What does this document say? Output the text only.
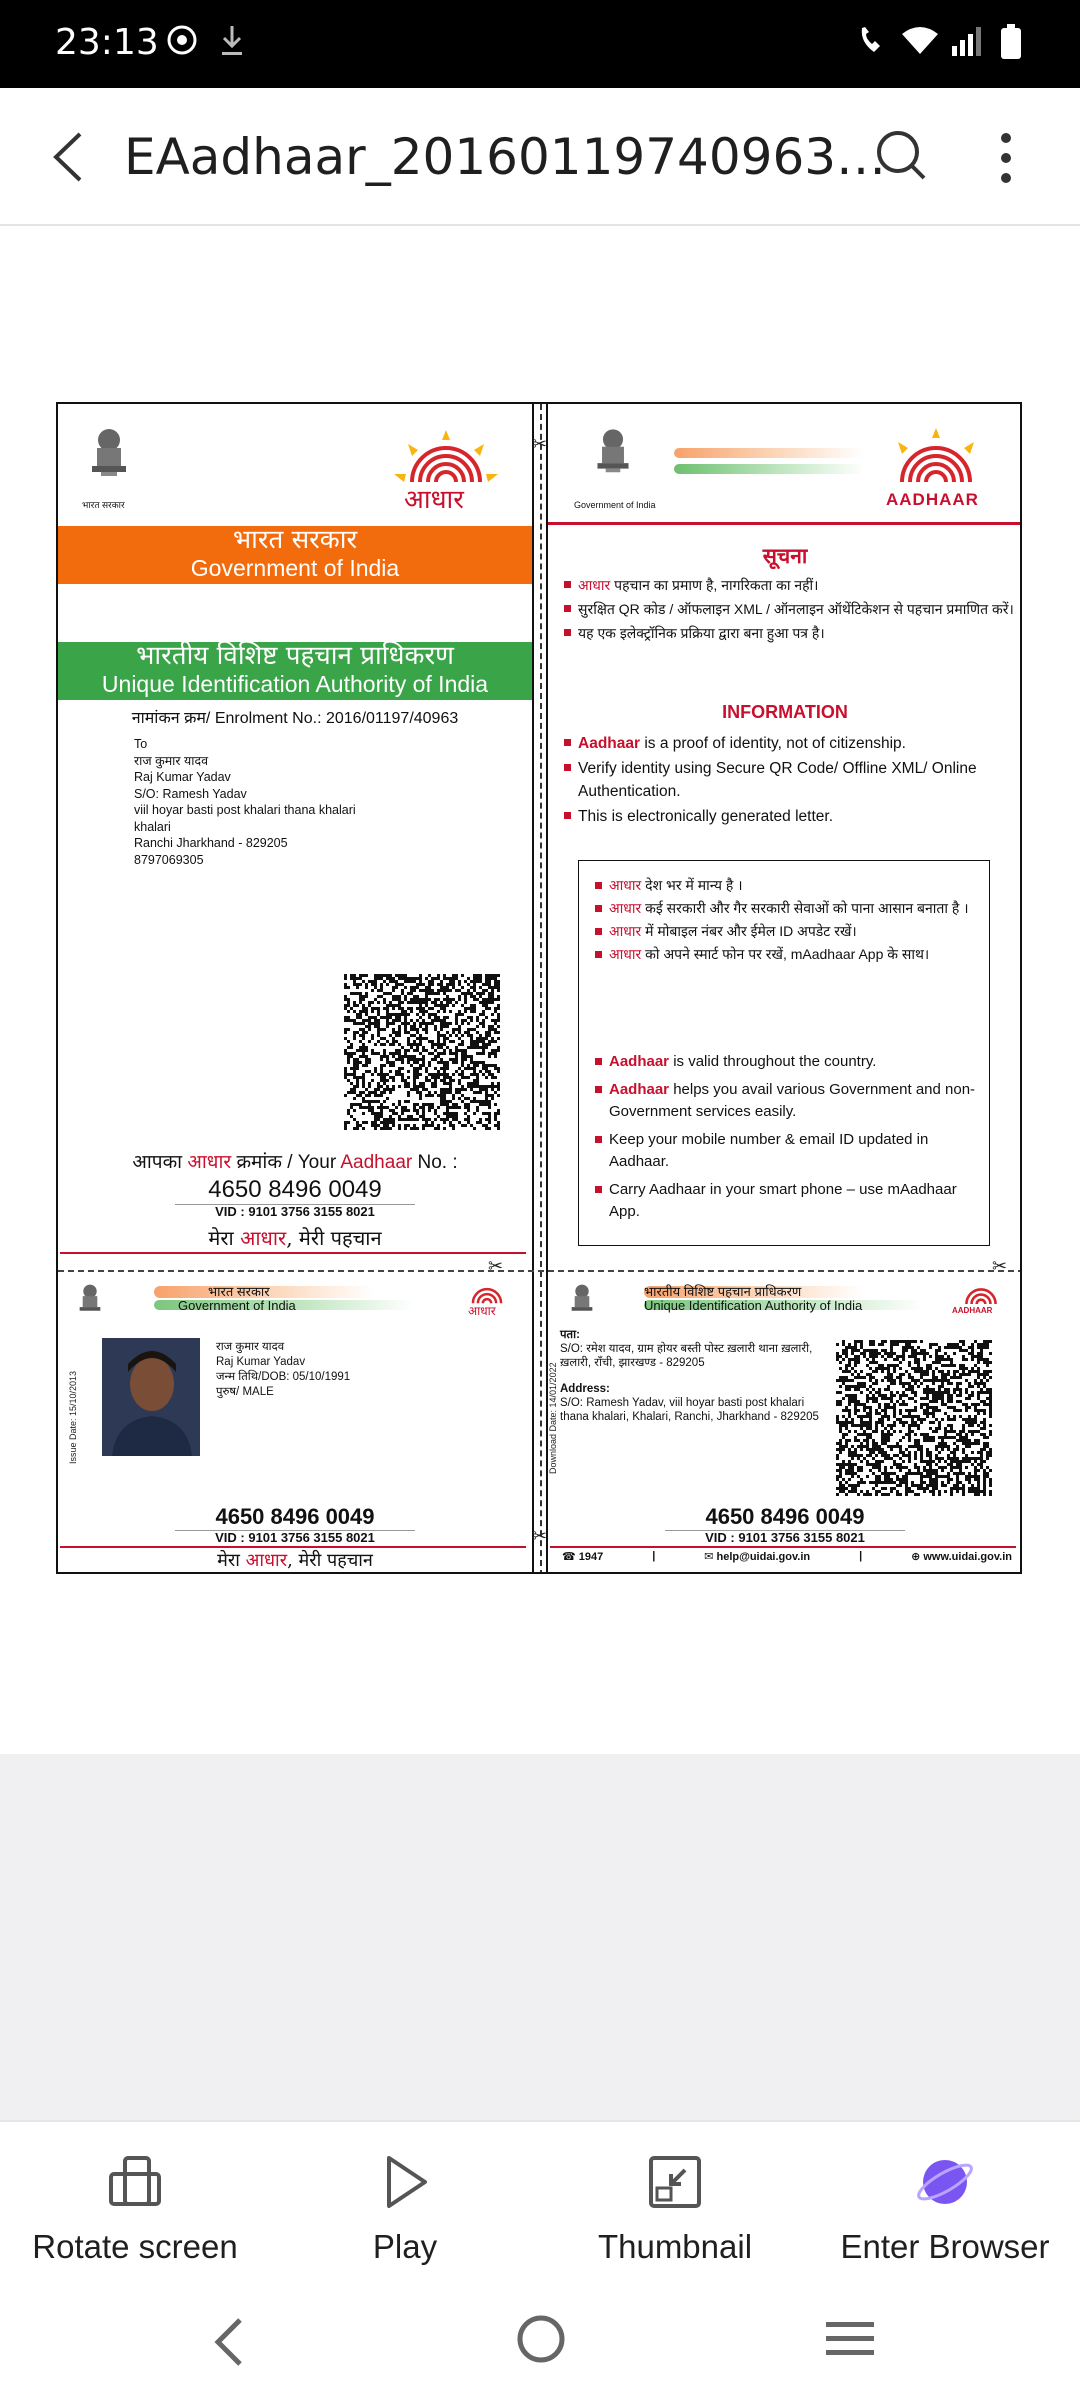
23:13
EAadhaar_20160119740963…
भारत सरकार	आधार
भारत सरकार
Government of India
भारतीय विशिष्ट पहचान प्राधिकरण
Unique Identification Authority of India
नामांकन क्रम/ Enrolment No.: 2016/01197/40963
To
राज कुमार यादव
Raj Kumar Yadav
S/O: Ramesh Yadav
viil hoyar basti post khalari thana khalari
khalari
Ranchi Jharkhand - 829205
8797069305
आपका आधार क्रमांक / Your Aadhaar No. :
4650 8496 0049
VID : 9101 3756 3155 8021
मेरा आधार, मेरी पहचान
भारत सरकार
Government of India	आधार
Issue Date: 15/10/2013
राज कुमार यादव
Raj Kumar Yadav
जन्म तिथि/DOB: 05/10/1991
पुरुष/ MALE
4650 8496 0049
VID : 9101 3756 3155 8021
मेरा आधार, मेरी पहचान
✂
✂
✂	✂
Government of India	AADHAAR
सूचना
आधार पहचान का प्रमाण है, नागरिकता का नहीं।
सुरक्षित QR कोड / ऑफलाइन XML / ऑनलाइन ऑथेंटिकेशन से पहचान प्रमाणित करें।
यह एक इलेक्ट्रॉनिक प्रक्रिया द्वारा बना हुआ पत्र है।
INFORMATION
Aadhaar is a proof of identity, not of citizenship.
Verify identity using Secure QR Code/ Offline XML/ Online Authentication.
This is electronically generated letter.
आधार देश भर में मान्य है ।
आधार कई सरकारी और गैर सरकारी सेवाओं को पाना आसान बनाता है ।
आधार में मोबाइल नंबर और ईमेल ID अपडेट रखें।
आधार को अपने स्मार्ट फोन पर रखें, mAadhaar App के साथ।
Aadhaar is valid throughout the country.
Aadhaar helps you avail various Government and non-Government services easily.
Keep your mobile number & email ID updated in Aadhaar.
Carry Aadhaar in your smart phone – use mAadhaar App.
भारतीय विशिष्ट पहचान प्राधिकरण
Unique Identification Authority of India	AADHAAR
Download Date: 14/01/2022
पता:
S/O: रमेश यादव, ग्राम होयर बस्ती पोस्ट ख़लारी थाना ख़लारी, ख़लारी, राँची, झारखण्ड - 829205
Address:
S/O: Ramesh Yadav, viil hoyar basti post khalari thana khalari, Khalari, Ranchi, Jharkhand - 829205
4650 8496 0049
VID : 9101 3756 3155 8021
☎ 1947	|	✉ help@uidai.gov.in	|	⊕ www.uidai.gov.in
Rotate screen	Play	Thumbnail	Enter Browser
